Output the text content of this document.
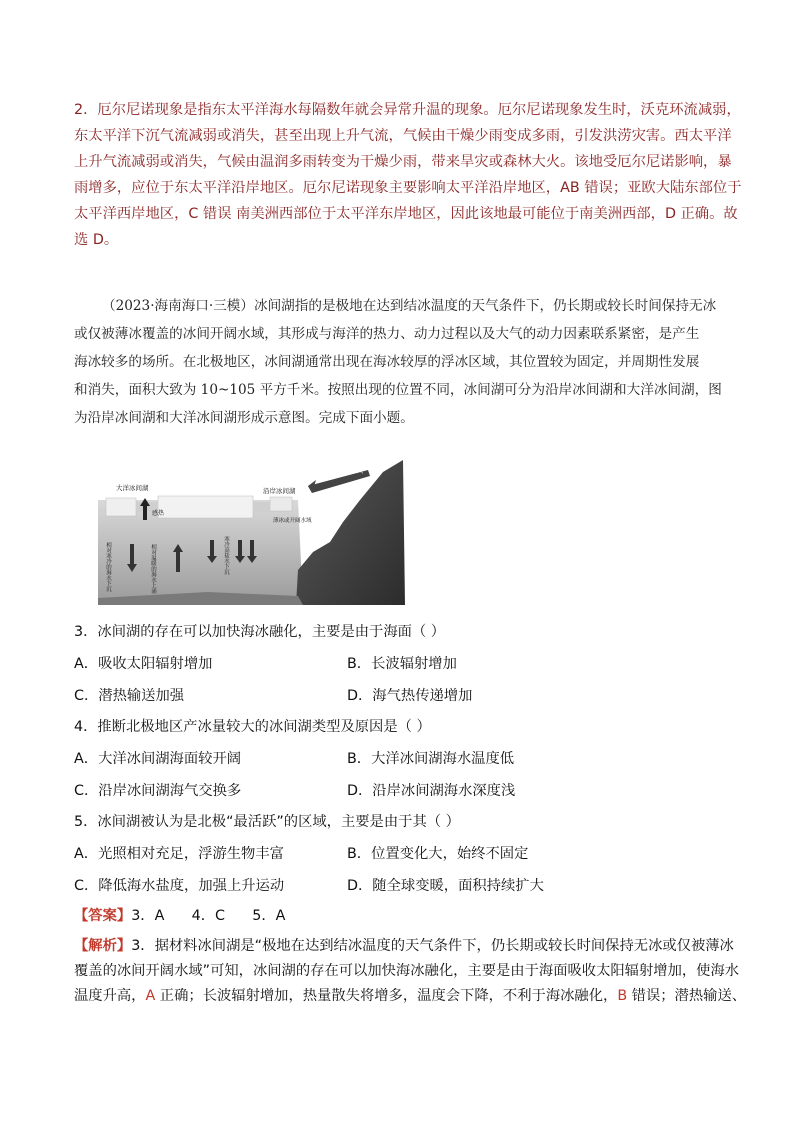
2．厄尔尼诺现象是指东太平洋海水每隔数年就会异常升温的现象。厄尔尼诺现象发生时，沃克环流减弱，
东太平洋下沉气流减弱或消失，甚至出现上升气流，气候由干燥少雨变成多雨，引发洪涝灾害。西太平洋
上升气流减弱或消失，气候由温润多雨转变为干燥少雨，带来旱灾或森林大火。该地受厄尔尼诺影响，暴
雨增多，应位于东太平洋沿岸地区。厄尔尼诺现象主要影响太平洋沿岸地区，AB 错误；亚欧大陆东部位于
太平洋西岸地区，C 错误 南美洲西部位于太平洋东岸地区，因此该地最可能位于南美洲西部，D 正确。故
选 D。
（2023·海南海口·三模）冰间湖指的是极地在达到结冰温度的天气条件下，仍长期或较长时间保持无冰
或仅被薄冰覆盖的冰间开阔水域，其形成与海洋的热力、动力过程以及大气的动力因素联系紧密，是产生
海冰较多的场所。在北极地区，冰间湖通常出现在海冰较厚的浮冰区域，其位置较为固定，并周期性发展
和消失，面积大致为 10~105 平方千米。按照出现的位置不同，冰间湖可分为沿岸冰间湖和大洋冰间湖，图
为沿岸冰间湖和大洋冰间湖形成示意图。完成下面小题。
离岸风
大洋冰间湖	沿岸冰间湖
感热
薄冰或开阔水域
相对寒冷的海水下沉	相对温暖的海水上涌	寒冷高盐水下沉
3．冰间湖的存在可以加快海冰融化，主要是由于海面（ ）
A．吸收太阳辐射增加	B．长波辐射增加
C．潜热输送加强	D．海气热传递增加
4．推断北极地区产冰量较大的冰间湖类型及原因是（ ）
A．大洋冰间湖海面较开阔	B．大洋冰间湖海水温度低
C．沿岸冰间湖海气交换多	D．沿岸冰间湖海水深度浅
5．冰间湖被认为是北极“最活跃”的区域，主要是由于其（ ）
A．光照相对充足，浮游生物丰富	B．位置变化大，始终不固定
C．降低海水盐度，加强上升运动	D．随全球变暖，面积持续扩大
【答案】3．A      4．C      5．A
【解析】3．据材料冰间湖是“极地在达到结冰温度的天气条件下，仍长期或较长时间保持无冰或仅被薄冰
覆盖的冰间开阔水域”可知，冰间湖的存在可以加快海冰融化，主要是由于海面吸收太阳辐射增加，使海水
温度升高，A 正确；长波辐射增加，热量散失将增多，温度会下降，不利于海冰融化，B 错误；潜热输送、
